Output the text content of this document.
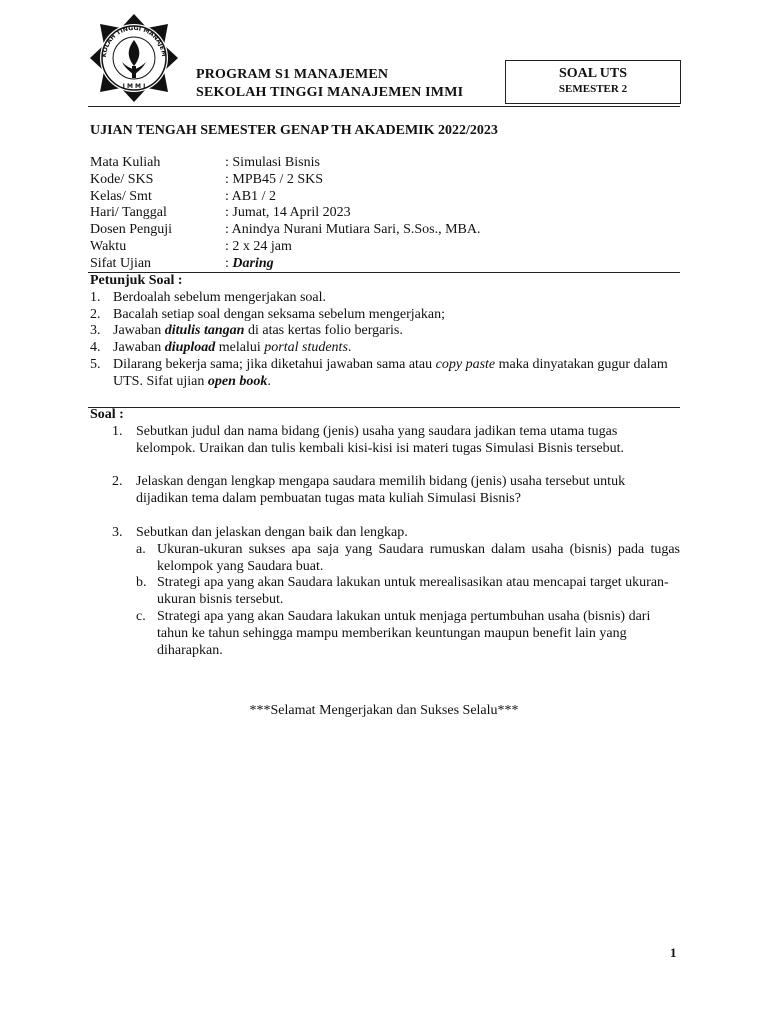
KOLAH TINGGI MANAJEM
I M M I
PROGRAM S1 MANAJEMEN
SEKOLAH TINGGI MANAJEMEN IMMI
SOAL UTS
SEMESTER 2
UJIAN TENGAH SEMESTER GENAP TH AKADEMIK 2022/2023
Mata Kuliah	: Simulasi Bisnis
Kode/ SKS	: MPB45 / 2 SKS
Kelas/ Smt	: AB1 / 2
Hari/ Tanggal	: Jumat, 14 April 2023
Dosen Penguji	: Anindya Nurani Mutiara Sari, S.Sos., MBA.
Waktu	: 2 x 24 jam
Sifat Ujian	: Daring
Petunjuk Soal :
1. Berdoalah sebelum mengerjakan soal.
2. Bacalah setiap soal dengan seksama sebelum mengerjakan;
3. Jawaban ditulis tangan di atas kertas folio bergaris.
4. Jawaban diupload melalui portal students.
5. Dilarang bekerja sama; jika diketahui jawaban sama atau copy paste maka dinyatakan gugur dalam UTS. Sifat ujian open book.
Soal :
1. Sebutkan judul dan nama bidang (jenis) usaha yang saudara jadikan tema utama tugas kelompok. Uraikan dan tulis kembali kisi-kisi isi materi tugas Simulasi Bisnis tersebut.
2. Jelaskan dengan lengkap mengapa saudara memilih bidang (jenis) usaha tersebut untuk dijadikan tema dalam pembuatan tugas mata kuliah Simulasi Bisnis?
3. Sebutkan dan jelaskan dengan baik dan lengkap.
a. Ukuran-ukuran sukses apa saja yang Saudara rumuskan dalam usaha (bisnis) pada tugas kelompok yang Saudara buat.
b. Strategi apa yang akan Saudara lakukan untuk merealisasikan atau mencapai target ukuran-ukuran bisnis tersebut.
c. Strategi apa yang akan Saudara lakukan untuk menjaga pertumbuhan usaha (bisnis) dari tahun ke tahun sehingga mampu memberikan keuntungan maupun benefit lain yang diharapkan.
***Selamat Mengerjakan dan Sukses Selalu***
1
